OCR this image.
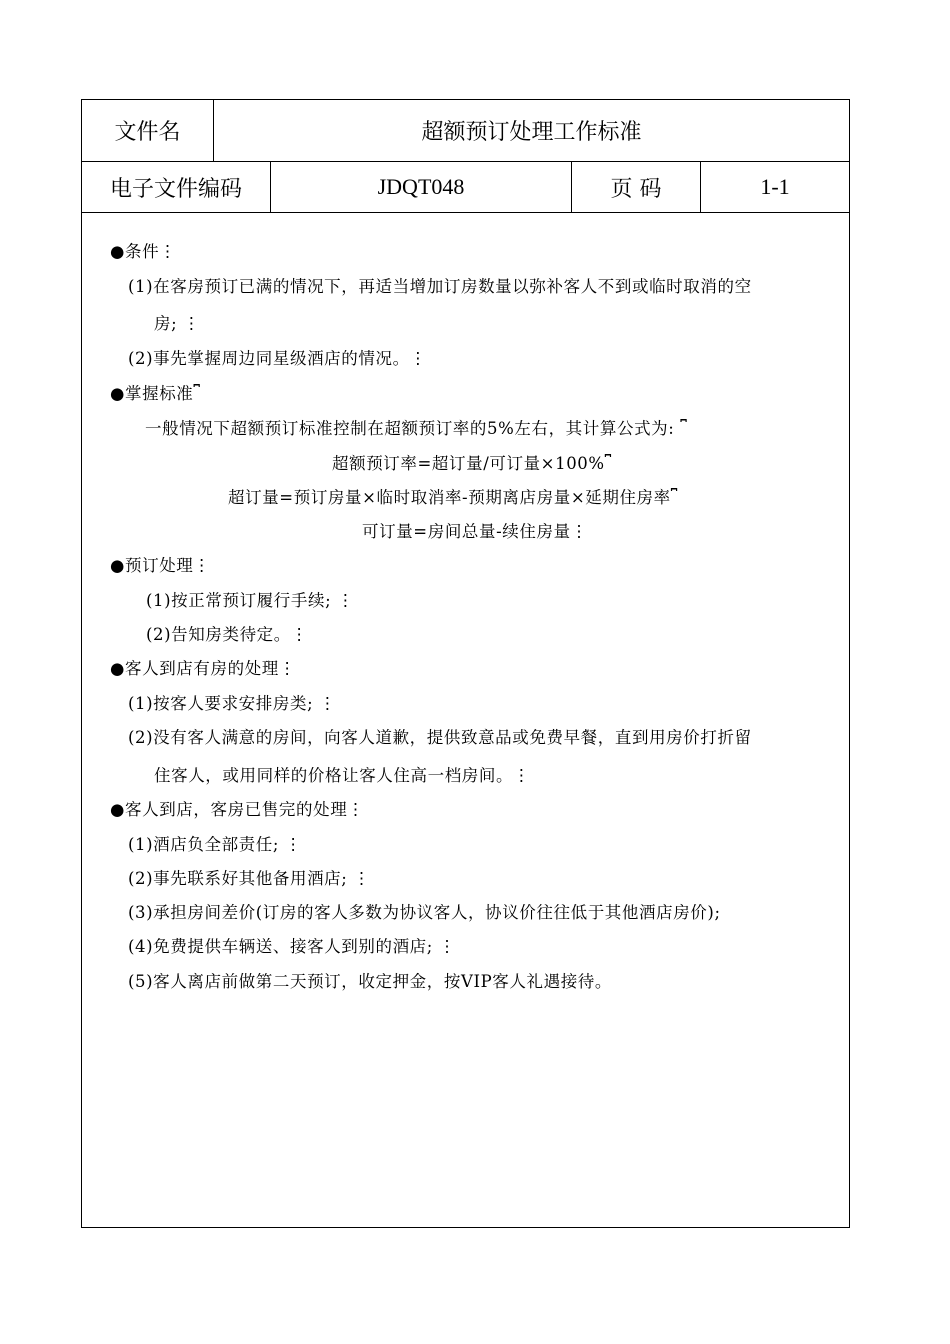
文件名	超额预订处理工作标准
电子文件编码	JDQT048	页 码	1-1
●条件⋮
(1)在客房预订已满的情况下，再适当增加订房数量以弥补客人不到或临时取消的空
房; ⋮
(2)事先掌握周边同星级酒店的情况。⋮
●掌握标准⎴
一般情况下超额预订标准控制在超额预订率的5%左右，其计算公式为: ⎴
超额预订率=超订量/可订量×100%⎴
超订量=预订房量×临时取消率-预期离店房量×延期住房率⎴
可订量=房间总量-续住房量⋮
●预订处理⋮
(1)按正常预订履行手续; ⋮
(2)告知房类待定。⋮
●客人到店有房的处理⋮
(1)按客人要求安排房类; ⋮
(2)没有客人满意的房间，向客人道歉，提供致意品或免费早餐，直到用房价打折留
住客人，或用同样的价格让客人住高一档房间。⋮
●客人到店，客房已售完的处理⋮
(1)酒店负全部责任; ⋮
(2)事先联系好其他备用酒店; ⋮
(3)承担房间差价(订房的客人多数为协议客人，协议价往往低于其他酒店房价);
(4)免费提供车辆送、接客人到别的酒店; ⋮
(5)客人离店前做第二天预订，收定押金，按VIP客人礼遇接待。
